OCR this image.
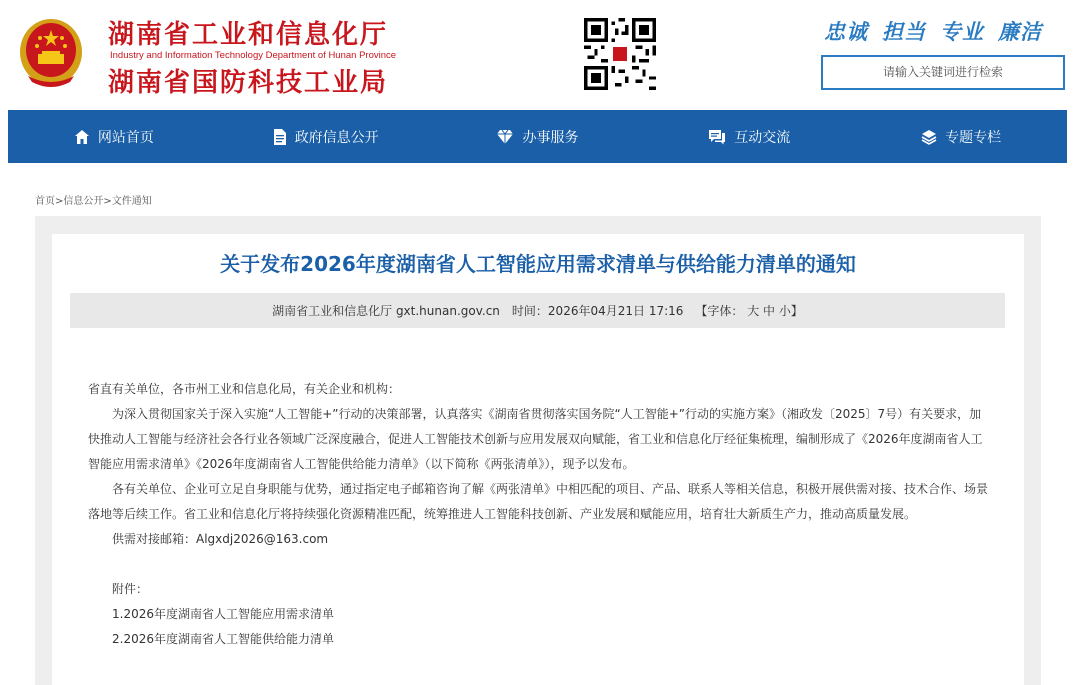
湖南省工业和信息化厅
Industry and Information Technology Department of Hunan Province
湖南省国防科技工业局
忠诚 担当 专业 廉洁
请输入关键词进行检索
网站首页	政府信息公开	办事服务	互动交流	专题专栏
首页>信息公开>文件通知
关于发布2026年度湖南省人工智能应用需求清单与供给能力清单的通知
湖南省工业和信息化厅 gxt.hunan.gov.cn 时间：2026年04月21日 17:16 【字体： 大 中 小】

省直有关单位，各市州工业和信息化局，有关企业和机构：

为深入贯彻国家关于深入实施“人工智能+”行动的决策部署，认真落实《湖南省贯彻落实国务院“人工智能+”行动的实施方案》（湘政发〔2025〕7号）有关要求，加快推动人工智能与经济社会各行业各领域广泛深度融合，促进人工智能技术创新与应用发展双向赋能，省工业和信息化厅经征集梳理，编制形成了《2026年度湖南省人工智能应用需求清单》《2026年度湖南省人工智能供给能力清单》（以下简称《两张清单》），现予以发布。

各有关单位、企业可立足自身职能与优势，通过指定电子邮箱咨询了解《两张清单》中相匹配的项目、产品、联系人等相关信息，积极开展供需对接、技术合作、场景落地等后续工作。省工业和信息化厅将持续强化资源精准匹配，统筹推进人工智能科技创新、产业发展和赋能应用，培育壮大新质生产力，推动高质量发展。

供需对接邮箱：Algxdj2026@163.com

附件：

1.2026年度湖南省人工智能应用需求清单

2.2026年度湖南省人工智能供给能力清单
